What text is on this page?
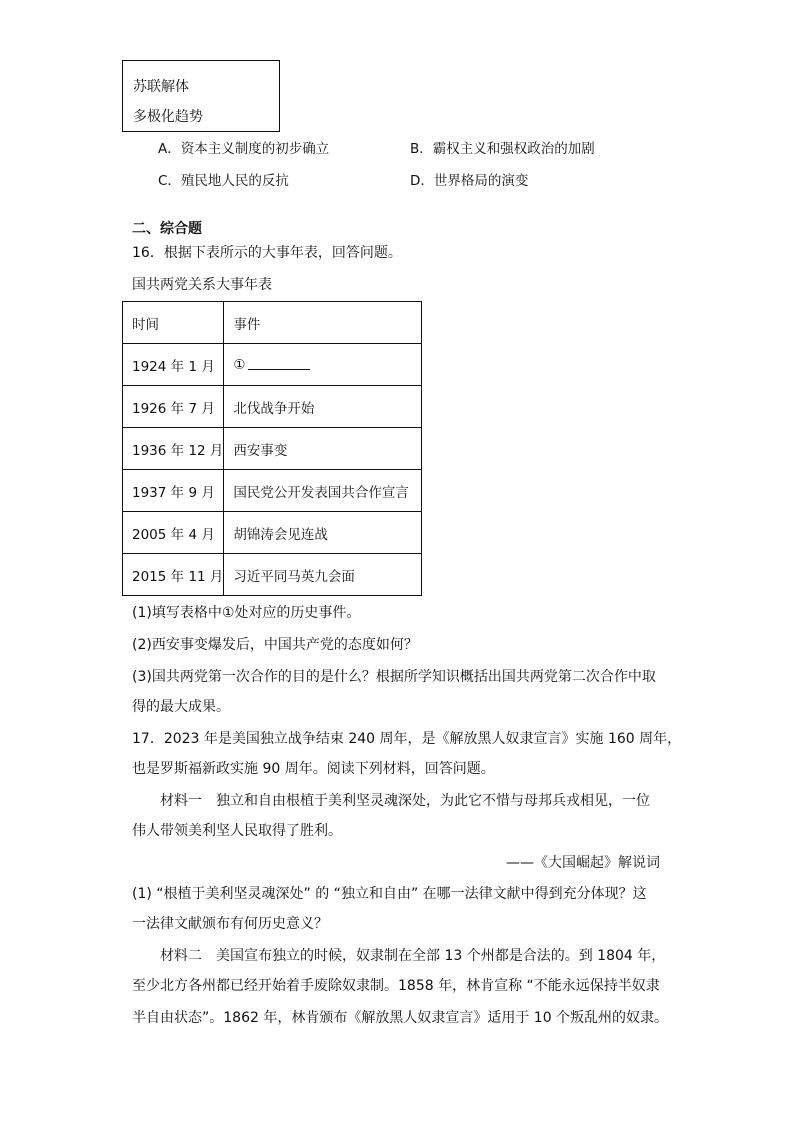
苏联解体
多极化趋势
A．资本主义制度的初步确立	B．霸权主义和强权政治的加剧
C．殖民地人民的反抗	D．世界格局的演变
二、综合题
16．根据下表所示的大事年表，回答问题。
国共两党关系大事年表
时间	事件
1924 年 1 月	①
1926 年 7 月	北伐战争开始
1936 年 12 月	西安事变
1937 年 9 月	国民党公开发表国共合作宣言
2005 年 4 月	胡锦涛会见连战
2015 年 11 月	习近平同马英九会面
(1)填写表格中①处对应的历史事件。
(2)西安事变爆发后，中国共产党的态度如何？
(3)国共两党第一次合作的目的是什么？根据所学知识概括出国共两党第二次合作中取
得的最大成果。
17．2023 年是美国独立战争结束 240 周年，是《解放黑人奴隶宣言》实施 160 周年，
也是罗斯福新政实施 90 周年。阅读下列材料，回答问题。
材料一　独立和自由根植于美利坚灵魂深处，为此它不惜与母邦兵戎相见，一位
伟人带领美利坚人民取得了胜利。
——《大国崛起》解说词
(1) “根植于美利坚灵魂深处” 的 “独立和自由” 在哪一法律文献中得到充分体现？这
一法律文献颁布有何历史意义？
材料二　美国宣布独立的时候，奴隶制在全部 13 个州都是合法的。到 1804 年，
至少北方各州都已经开始着手废除奴隶制。1858 年，林肯宣称 “不能永远保持半奴隶
半自由状态”。1862 年，林肯颁布《解放黑人奴隶宣言》适用于 10 个叛乱州的奴隶。
